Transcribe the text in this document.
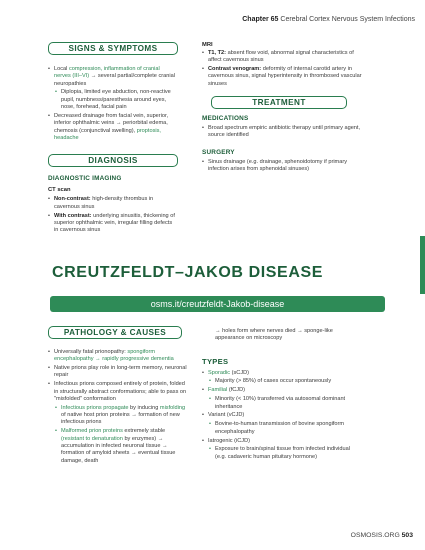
Chapter 65 Cerebral Cortex Nervous System Infections
SIGNS & SYMPTOMS
• Local compression, inflammation of cranial nerves (III–VI) → several partial/complete cranial neuropathies
• Diplopia, limited eye abduction, non-reactive pupil, numbness/paresthesia around eyes, nose, forehead, facial pain
• Decreased drainage from facial vein, superior, inferior ophthalmic veins → periorbital edema, chemosis (conjunctival swelling), proptosis, headache
DIAGNOSIS
DIAGNOSTIC IMAGING
CT scan
• Non-contrast: high-density thrombus in cavernous sinus
• With contrast: underlying sinusitis, thickening of superior ophthalmic vein, irregular filling defects in cavernous sinus
MRI
• T1, T2: absent flow void, abnormal signal characteristics of affect cavernous sinus
• Contrast venogram: deformity of internal carotid artery in cavernous sinus, signal hyperintensity in thrombosed vascular sinuses
TREATMENT
MEDICATIONS
• Broad spectrum empiric antibiotic therapy until primary agent, source identified
SURGERY
• Sinus drainage (e.g. drainage, sphenoidotomy if primary infection arises from sphenoidal sinuses)
CREUTZFELDT–JAKOB DISEASE
osms.it/creutzfeldt-Jakob-disease
PATHOLOGY & CAUSES
• Universally fatal prionopathy: spongiform encephalopathy → rapidly progressive dementia
• Native prions play role in long-term memory, neuronal repair
• Infectious prions composed entirely of protein, folded in structurally abstract conformations; able to pass on "misfolded" conformation
• Infectious prions propagate by inducing misfolding of native host prion proteins → formation of new infectious prions
• Malformed prion proteins extremely stable (resistant to denaturation by enzymes) → accumulation in infected neuronal tissue → formation of amyloid sheets → eventual tissue damage, death
→ holes form where nerves died → sponge-like appearance on microscopy
TYPES
• Sporadic (sCJD)
• Majority (> 85%) of cases occur spontaneously
• Familial (fCJD)
• Minority (< 10%) transferred via autosomal dominant inheritance
• Variant (vCJD)
• Bovine-to-human transmission of bovine spongiform encephalopathy
• Iatrogenic (iCJD)
• Exposure to brain/spinal tissue from infected individual (e.g. cadaveric human pituitary hormone)
OSMOSIS.ORG 503
